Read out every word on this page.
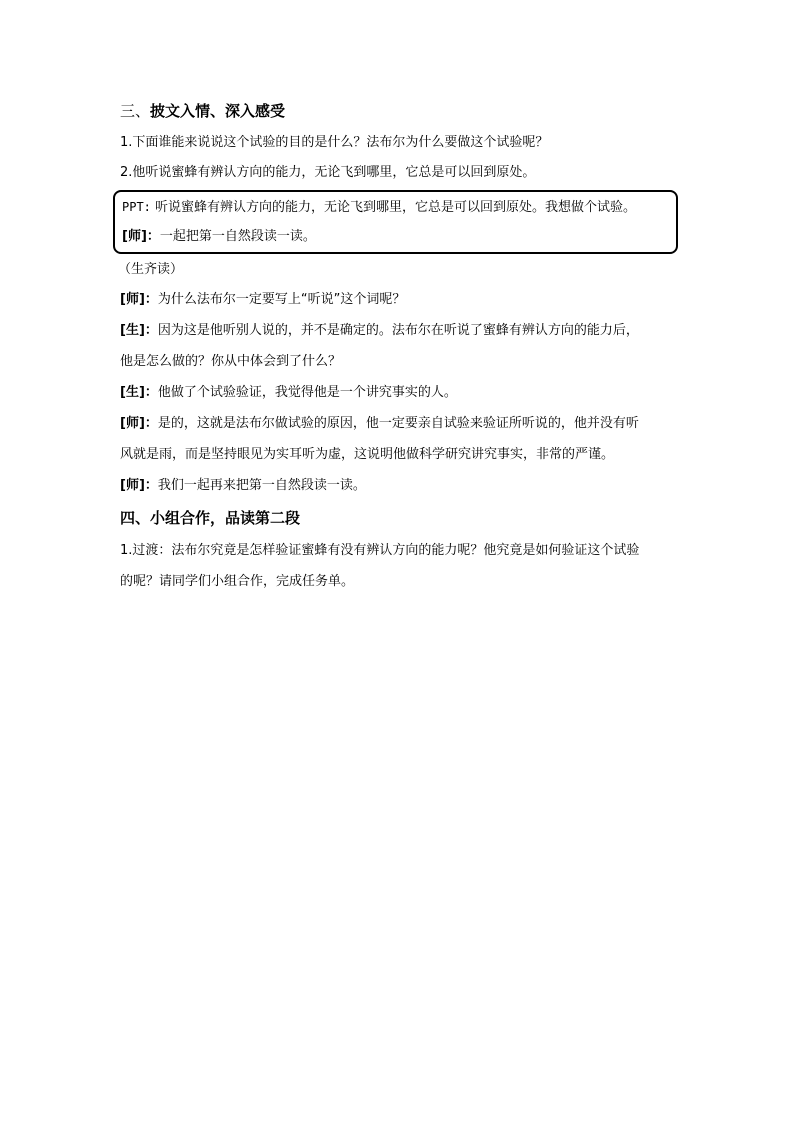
三、披文入情、深入感受
1.下面谁能来说说这个试验的目的是什么？法布尔为什么要做这个试验呢？
2.他听说蜜蜂有辨认方向的能力，无论飞到哪里，它总是可以回到原处。
PPT: 听说蜜蜂有辨认方向的能力，无论飞到哪里，它总是可以回到原处。我想做个试验。
[师]：一起把第一自然段读一读。
（生齐读）
[师]：为什么法布尔一定要写上“听说”这个词呢？
[生]：因为这是他听别人说的，并不是确定的。法布尔在听说了蜜蜂有辨认方向的能力后，
他是怎么做的？你从中体会到了什么？
[生]：他做了个试验验证，我觉得他是一个讲究事实的人。
[师]：是的，这就是法布尔做试验的原因，他一定要亲自试验来验证所听说的，他并没有听
风就是雨，而是坚持眼见为实耳听为虚，这说明他做科学研究讲究事实，非常的严谨。
[师]：我们一起再来把第一自然段读一读。
四、小组合作，品读第二段
1.过渡：法布尔究竟是怎样验证蜜蜂有没有辨认方向的能力呢？他究竟是如何验证这个试验
的呢？请同学们小组合作，完成任务单。
